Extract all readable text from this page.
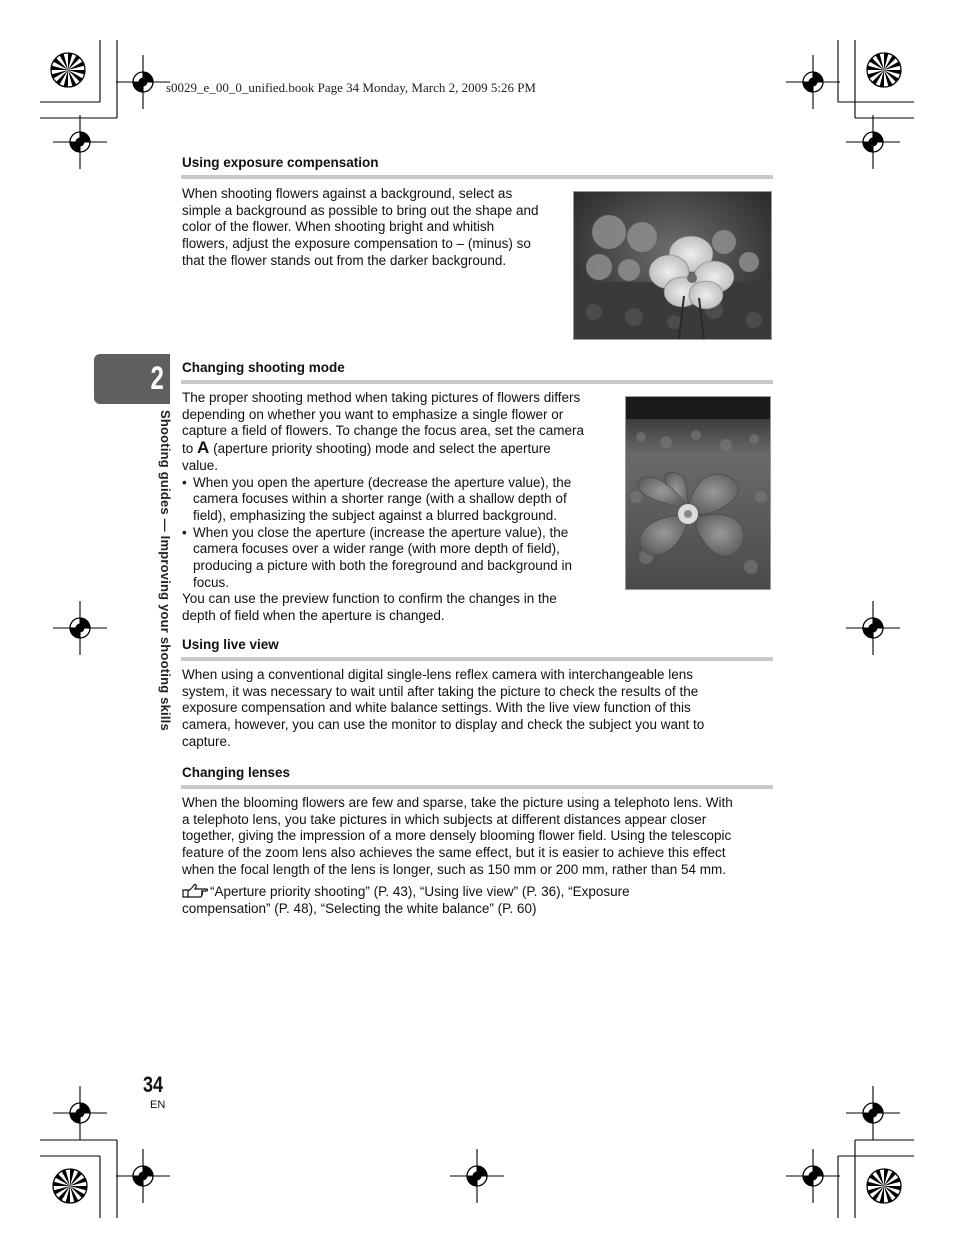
s0029_e_00_0_unified.book Page 34 Monday, March 2, 2009 5:26 PM
2
Shooting guides — Improving your shooting skills
Using exposure compensation

When shooting flowers against a background, select as

simple a background as possible to bring out the shape and

color of the flower. When shooting bright and whitish

flowers, adjust the exposure compensation to – (minus) so

that the flower stands out from the darker background.

Changing shooting mode

The proper shooting method when taking pictures of flowers differs

depending on whether you want to emphasize a single flower or

capture a field of flowers. To change the focus area, set the camera

to A (aperture priority shooting) mode and select the aperture

value.

• When you open the aperture (decrease the aperture value), the
camera focuses within a shorter range (with a shallow depth of
field), emphasizing the subject against a blurred background.
• When you close the aperture (increase the aperture value), the
camera focuses over a wider range (with more depth of field),
producing a picture with both the foreground and background in
focus.

You can use the preview function to confirm the changes in the

depth of field when the aperture is changed.

Using live view

When using a conventional digital single-lens reflex camera with interchangeable lens

system, it was necessary to wait until after taking the picture to check the results of the

exposure compensation and white balance settings. With the live view function of this

camera, however, you can use the monitor to display and check the subject you want to

capture.

Changing lenses

When the blooming flowers are few and sparse, take the picture using a telephoto lens. With

a telephoto lens, you take pictures in which subjects at different distances appear closer

together, giving the impression of a more densely blooming flower field. Using the telescopic

feature of the zoom lens also achieves the same effect, but it is easier to achieve this effect

when the focal length of the lens is longer, such as 150 mm or 200 mm, rather than 54 mm.

“Aperture priority shooting” (P. 43), “Using live view” (P. 36), “Exposure

compensation” (P. 48), “Selecting the white balance” (P. 60)

34
EN
